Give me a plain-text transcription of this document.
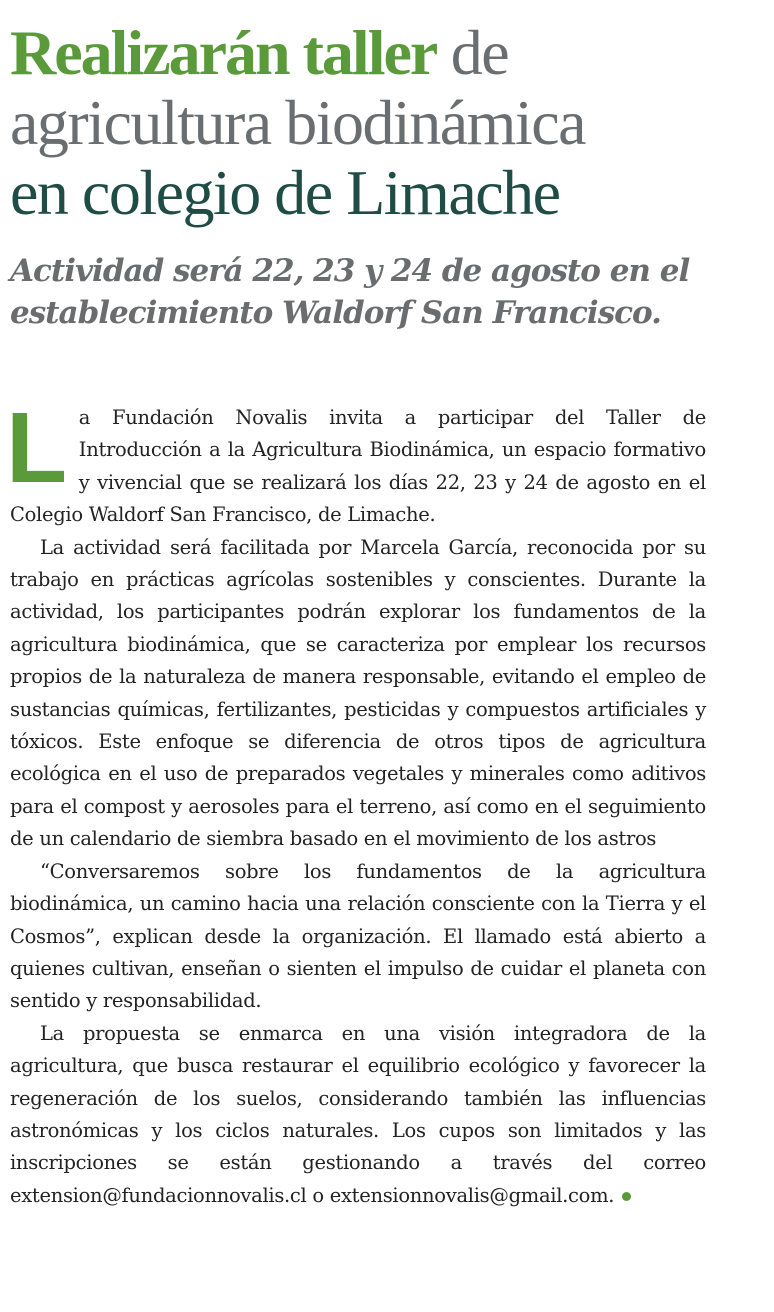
Realizarán taller de
agricultura biodinámica
en colegio de Limache
Actividad será 22, 23 y 24 de agosto en el
establecimiento Waldorf San Francisco.

La Fundación Novalis invita a participar del Taller de Introducción a la Agricultura Biodinámica, un espacio formativo y vivencial que se realizará los días 22, 23 y 24 de agosto en el Colegio Waldorf San Francisco, de Limache.

La actividad será facilitada por Marcela García, reconocida por su trabajo en prácticas agrícolas sostenibles y conscientes. Durante la actividad, los participantes podrán explorar los fundamentos de la agricultura biodinámica, que se caracteriza por emplear los recursos propios de la naturaleza de manera responsable, evitando el empleo de sustancias químicas, fertilizantes, pesticidas y compuestos artificiales y tóxicos. Este enfoque se diferencia de otros tipos de agricultura ecológica en el uso de preparados vegetales y minerales como aditivos para el compost y aerosoles para el terreno, así como en el seguimiento de un calendario de siembra basado en el movimiento de los astros

“Conversaremos sobre los fundamentos de la agricultura biodinámica, un camino hacia una relación consciente con la Tierra y el Cosmos”, explican desde la organización. El llamado está abierto a quienes cultivan, enseñan o sienten el impulso de cuidar el planeta con sentido y responsabilidad.

La propuesta se enmarca en una visión integradora de la agricultura, que busca restaurar el equilibrio ecológico y favorecer la regeneración de los suelos, considerando también las influencias astronómicas y los ciclos naturales. Los cupos son limitados y las inscripciones se están gestionando a través del correo extension@fundacionnovalis.cl o extensionnovalis@gmail.com.
